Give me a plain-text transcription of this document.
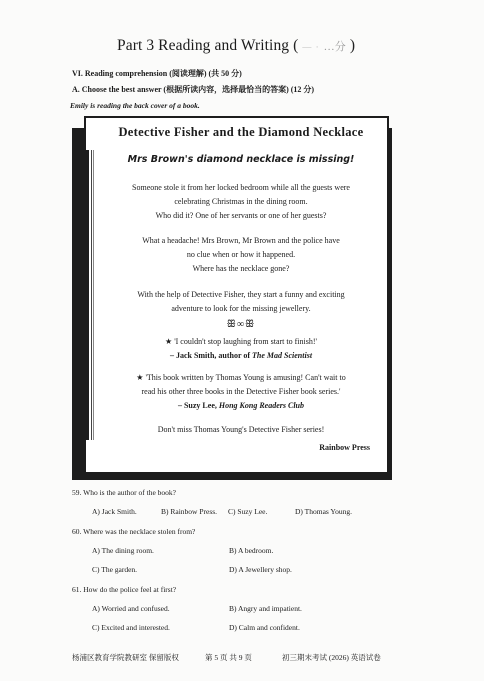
Part 3 Reading and Writing ( — · …分 )
VI. Reading comprehension (阅读理解) (共 50 分)
A. Choose the best answer (根据所读内容，选择最恰当的答案) (12 分)
Emily is reading the back cover of a book.
Detective Fisher and the Diamond Necklace
Mrs Brown's diamond necklace is missing!
Someone stole it from her locked bedroom while all the guests were
celebrating Christmas in the dining room.
Who did it? One of her servants or one of her guests?
What a headache! Mrs Brown, Mr Brown and the police have
no clue when or how it happened.
Where has the necklace gone?
With the help of Detective Fisher, they start a funny and exciting
adventure to look for the missing jewellery.
ꕥ∞ꕥ
★ 'I couldn't stop laughing from start to finish!'
– Jack Smith, author of The Mad Scientist
★ 'This book written by Thomas Young is amusing! Can't wait to
read his other three books in the Detective Fisher book series.'
– Suzy Lee, Hong Kong Readers Club
Don't miss Thomas Young's Detective Fisher series!
Rainbow Press
59. Who is the author of the book?
A) Jack Smith.	B) Rainbow Press. C) Suzy Lee.	D) Thomas Young.
60. Where was the necklace stolen from?
A) The dining room.	B) A bedroom.
C) The garden.	D) A Jewellery shop.
61. How do the police feel at first?
A) Worried and confused.	B) Angry and impatient.
C) Excited and interested.	D) Calm and confident.
杨浦区教育学院教研室 保留版权	第 5 页 共 9 页	初三期末考试 (2026) 英语试卷
